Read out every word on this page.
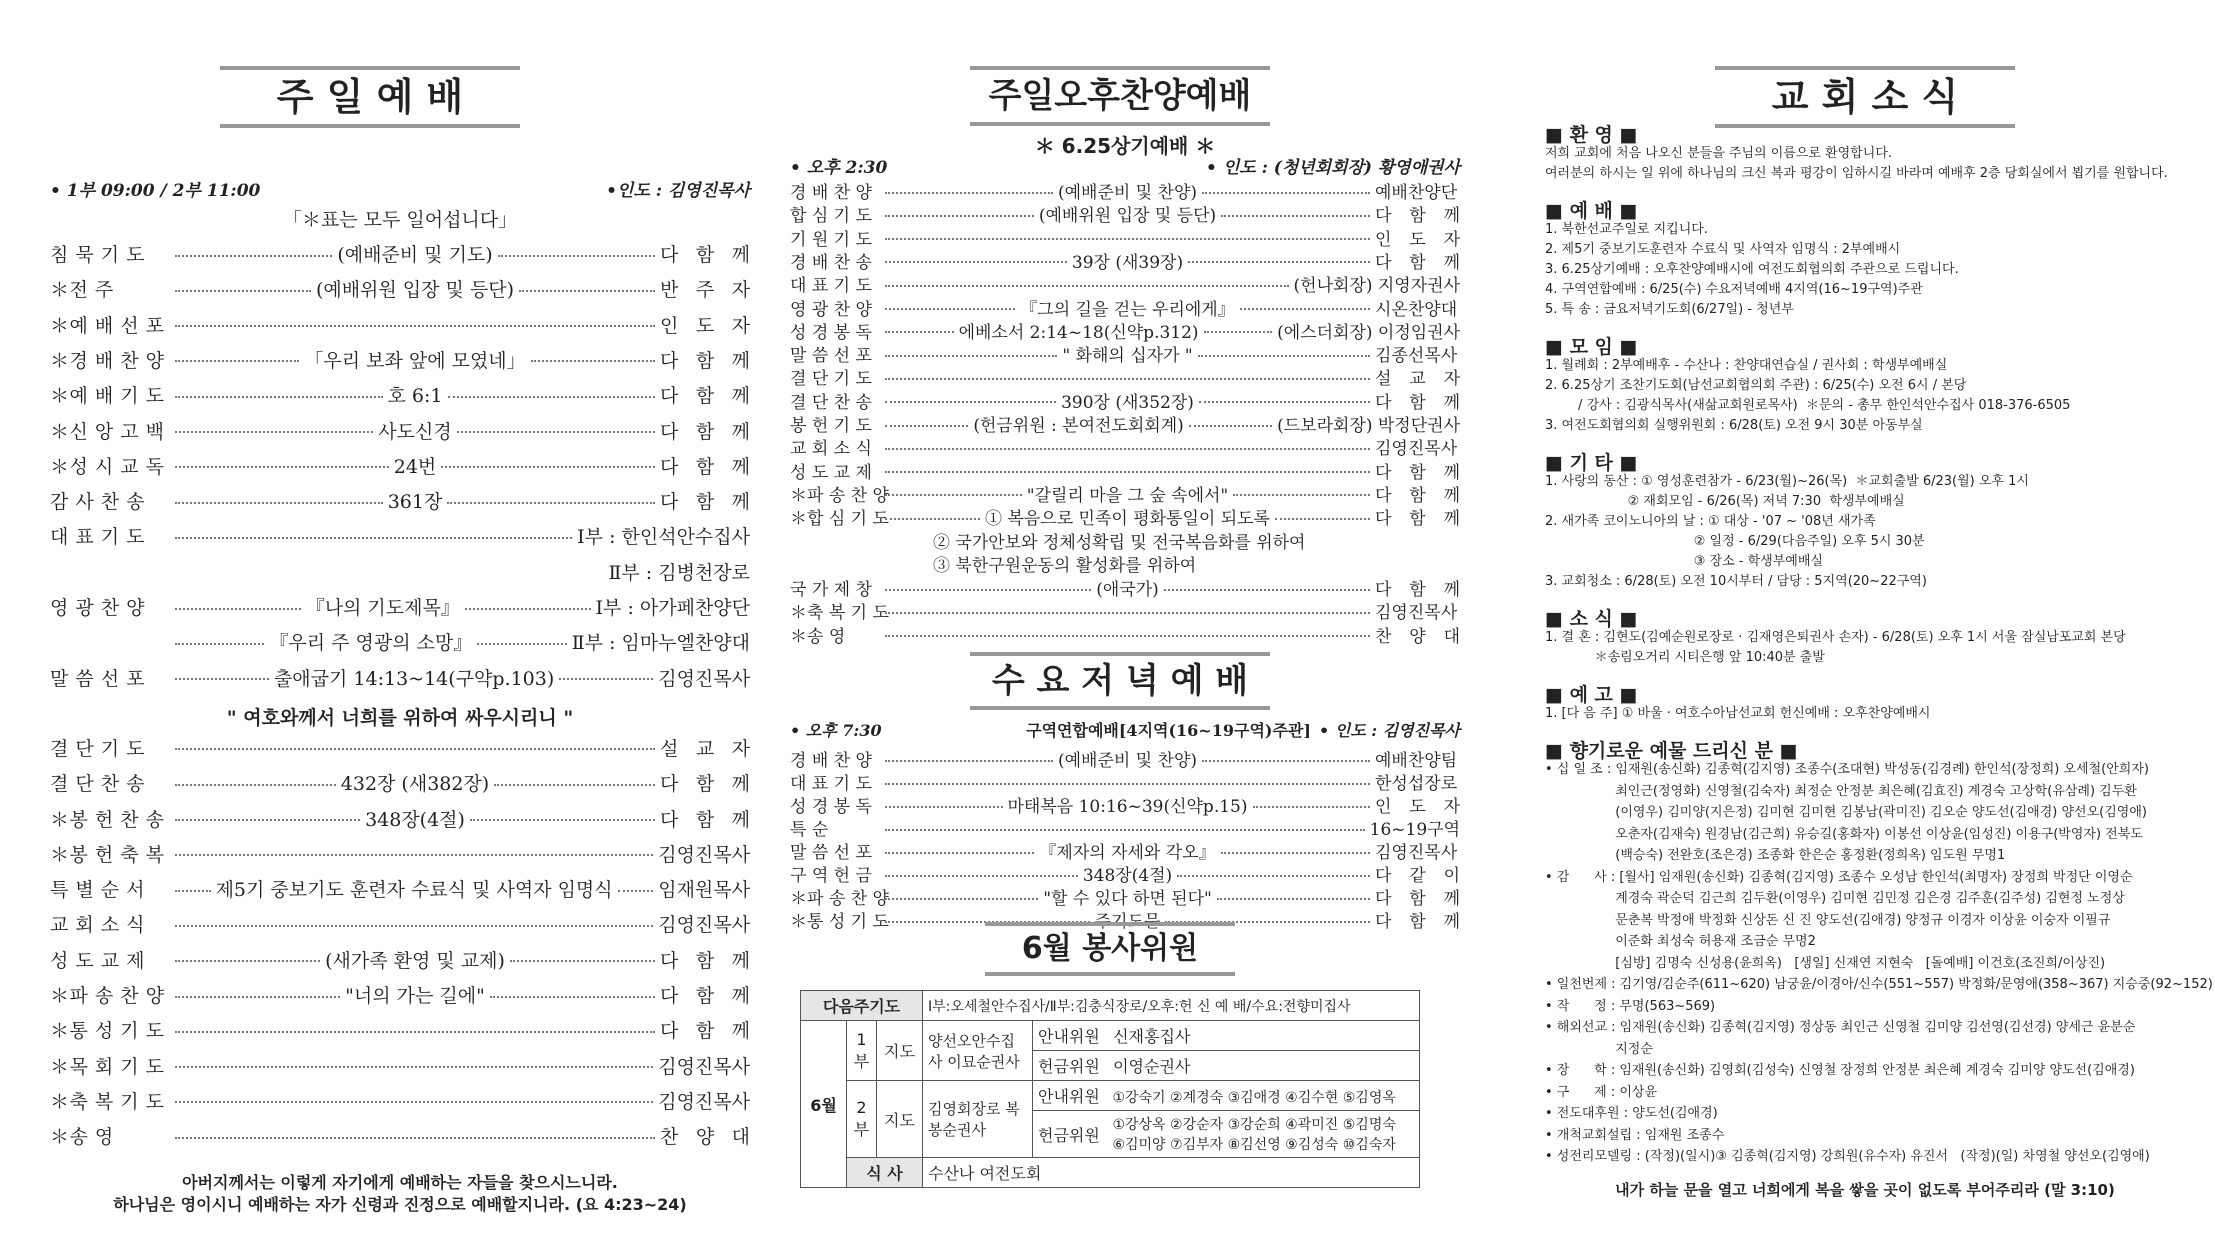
주 일 예 배
• 1부 09:00 / 2부 11:00	•인도 : 김영진목사
「＊표는 모두 일어섭니다」
침 묵 기 도	(예배준비 및 기도)	다 함 께
＊전 주	(예배위원 입장 및 등단)	반 주 자
＊예 배 선 포	인 도 자
＊경 배 찬 양	「우리 보좌 앞에 모였네」	다 함 께
＊예 배 기 도	호 6:1	다 함 께
＊신 앙 고 백	사도신경	다 함 께
＊성 시 교 독	24번	다 함 께
감 사 찬 송	361장	다 함 께
대 표 기 도	Ⅰ부 : 한인석안수집사
Ⅱ부 : 김병천장로
영 광 찬 양	『나의 기도제목』	Ⅰ부 : 아가페찬양단
『우리 주 영광의 소망』	Ⅱ부 : 임마누엘찬양대
말 씀 선 포	출애굽기 14:13~14(구약p.103)	김영진목사
결 단 기 도	설 교 자
결 단 찬 송	432장 (새382장)	다 함 께
＊봉 헌 찬 송	348장(4절)	다 함 께
＊봉 헌 축 복	김영진목사
특 별 순 서	제5기 중보기도 훈련자 수료식 및 사역자 임명식 임재원목사
교 회 소 식	김영진목사
성 도 교 제	(새가족 환영 및 교제)	다 함 께
＊파 송 찬 양	"너의 가는 길에"	다 함 께
＊통 성 기 도	다 함 께
＊목 회 기 도	김영진목사
＊축 복 기 도	김영진목사
＊송 영	찬 양 대
" 여호와께서 너희를 위하여 싸우시리니 "
아버지께서는 이렇게 자기에게 예배하는 자들을 찾으시느니라.
하나님은 영이시니 예배하는 자가 신령과 진정으로 예배할지니라. (요 4:23~24)
주일오후찬양예배
＊ 6.25상기예배 ＊
• 오후 2:30	• 인도 : (청년회회장) 황영애권사
경 배 찬 양	(예배준비 및 찬양)	예배찬양단
합 심 기 도	(예배위원 입장 및 등단)	다 함 께
기 원 기 도	인 도 자
경 배 찬 송	39장 (새39장)	다 함 께
대 표 기 도	(헌나회장) 지영자권사
영 광 찬 양	『그의 길을 걷는 우리에게』	시온찬양대
성 경 봉 독	에베소서 2:14~18(신약p.312)	(에스더회장) 이정임권사
말 씀 선 포	" 화해의 십자가 "	김종선목사
결 단 기 도	설 교 자
결 단 찬 송	390장 (새352장)	다 함 께
봉 헌 기 도	(헌금위원 : 본여전도회회계)	(드보라회장) 박정단권사
교 회 소 식	김영진목사
성 도 교 제	다 함 께
＊파 송 찬 양	"갈릴리 마을 그 숲 속에서"	다 함 께
＊합 심 기 도	① 복음으로 민족이 평화통일이 되도록	다 함 께
② 국가안보와 정체성확립 및 전국복음화를 위하여
③ 북한구원운동의 활성화를 위하여
국 가 제 창	(애국가)	다 함 께
＊축 복 기 도	김영진목사
＊송 영	찬 양 대
수 요 저 녁 예 배
• 오후 7:30	구역연합예배[4지역(16~19구역)주관] • 인도 : 김영진목사
경 배 찬 양	(예배준비 및 찬양)	예배찬양팀
대 표 기 도	한성섭장로
성 경 봉 독	마태복음 10:16~39(신약p.15)	인 도 자
특 순	16~19구역
말 씀 선 포	『제자의 자세와 각오』	김영진목사
구 역 헌 금	348장(4절)	다 같 이
＊파 송 찬 양	"할 수 있다 하면 된다"	다 함 께
＊통 성 기 도	주기도문	다 함 께
6월 봉사위원
다음주기도			Ⅰ부:오세철안수집사/Ⅱ부:김충식장로/오후:헌 신 예 배/수요:전향미집사	
6월	1부	지도	양선오안수집사 이묘순권사	안내위원 신재홍집사
				헌금위원 이영순권사
	2부	지도	김영회장로 복봉순권사	안내위원 ①강숙기 ②계경숙 ③김애경 ④김수현 ⑤김영옥
				헌금위원 ①강상옥 ②강순자 ③강순희 ④곽미진 ⑤김명숙
⑥김미양 ⑦김부자 ⑧김선영 ⑨김성숙 ⑩김숙자
	식 사		수산나 여전도회	
교 회 소 식
■ 환 영 ■
저희 교회에 처음 나오신 분들을 주님의 이름으로 환영합니다.
여러분의 하시는 일 위에 하나님의 크신 복과 평강이 임하시길 바라며 예배후 2층 당회실에서 뵙기를 원합니다.
■ 예 배 ■
1. 북한선교주일로 지킵니다.
2. 제5기 중보기도훈련자 수료식 및 사역자 임명식 : 2부예배시
3. 6.25상기예배 : 오후찬양예배시에 여전도회협의회 주관으로 드립니다.
4. 구역연합예배 : 6/25(수) 수요저녁예배 4지역(16~19구역)주관
5. 특 송 : 금요저녁기도회(6/27일) - 청년부
■ 모 임 ■
1. 월례회 : 2부예배후 - 수산나 : 찬양대연습실 / 권사회 : 학생부예배실
2. 6.25상기 조찬기도회(남선교회협의회 주관) : 6/25(수) 오전 6시 / 본당
/ 강사 : 김광식목사(새삶교회원로목사)  ＊문의 - 총무 한인석안수집사 018-376-6505
3. 여전도회협의회 실행위원회 : 6/28(토) 오전 9시 30분 아동부실
■ 기 타 ■
1. 사랑의 동산 : ① 영성훈련참가 - 6/23(월)~26(목)  ＊교회출발 6/23(월) 오후 1시
② 재회모임 - 6/26(목) 저녁 7:30  학생부예배실
2. 새가족 코이노니아의 날 : ① 대상 - '07 ~ '08년 새가족
② 일정 - 6/29(다음주일) 오후 5시 30분
③ 장소 - 학생부예배실
3. 교회청소 : 6/28(토) 오전 10시부터 / 담당 : 5지역(20~22구역)
■ 소 식 ■
1. 결 혼 : 김현도(김예순원로장로 · 김재영은퇴권사 손자) - 6/28(토) 오후 1시 서울 잠실남포교회 본당
＊송림오거리 시티은행 앞 10:40분 출발
■ 예 고 ■
1. [다 음 주] ① 바울 · 여호수아남선교회 헌신예배 : 오후찬양예배시
■ 향기로운 예물 드리신 분 ■
• 십 일 조 : 임재원(송신화) 김종혁(김지영) 조종수(조대현) 박성동(김경례) 한인석(장정희) 오세철(안희자)
최인근(정영화) 신영철(김숙자) 최정순 안정분 최은혜(김효진) 계경숙 고상학(유삼례) 김두환
(이영우) 김미양(지은정) 김미현 김미현 김봉남(곽미진) 김오순 양도선(김애경) 양선오(김영애)
오춘자(김재숙) 원경남(김근희) 유승길(홍화자) 이봉선 이상윤(임성진) 이용구(박영자) 전북도
(백승숙) 전완호(조은경) 조종화 한은순 홍정환(정희옥) 임도원 무명1
• 감      사 : [월사] 임재원(송신화) 김종혁(김지영) 조종수 오성남 한인석(최명자) 장정희 박정단 이영순
계경숙 곽순덕 김근희 김두환(이영우) 김미현 김민정 김은경 김주훈(김주성) 김현정 노정상
문춘복 박정애 박정화 신상돈 신 진 양도선(김애경) 양정규 이경자 이상윤 이숭자 이필규
이준화 최성숙 허용재 조금순 무명2
[심방] 김명숙 신성용(윤희옥)   [생일] 신재연 지현숙   [돌예배] 이건호(조진희/이상진)
• 일천번제 : 김기영/김순주(611~620) 남궁윤/이경아/신수(551~557) 박정화/문영애(358~367) 지승중(92~152)
• 작      정 : 무명(563~569)
• 해외선교 : 임재원(송신화) 김종혁(김지영) 정상동 최인근 신영철 김미양 김선영(김선경) 양세근 윤분순
지정순
• 장      학 : 임재원(송신화) 김영회(김성숙) 신영철 장정희 안정분 최은혜 계경숙 김미양 양도선(김애경)
• 구      제 : 이상윤
• 전도대후원 : 양도선(김애경)
• 개척교회설립 : 임재원 조종수
• 성전리모델링 : (작정)(일시)③ 김종혁(김지영) 강희원(유수자) 유진서   (작정)(일) 차영철 양선오(김영애)
내가 하늘 문을 열고 너희에게 복을 쌓을 곳이 없도록 부어주리라 (말 3:10)
